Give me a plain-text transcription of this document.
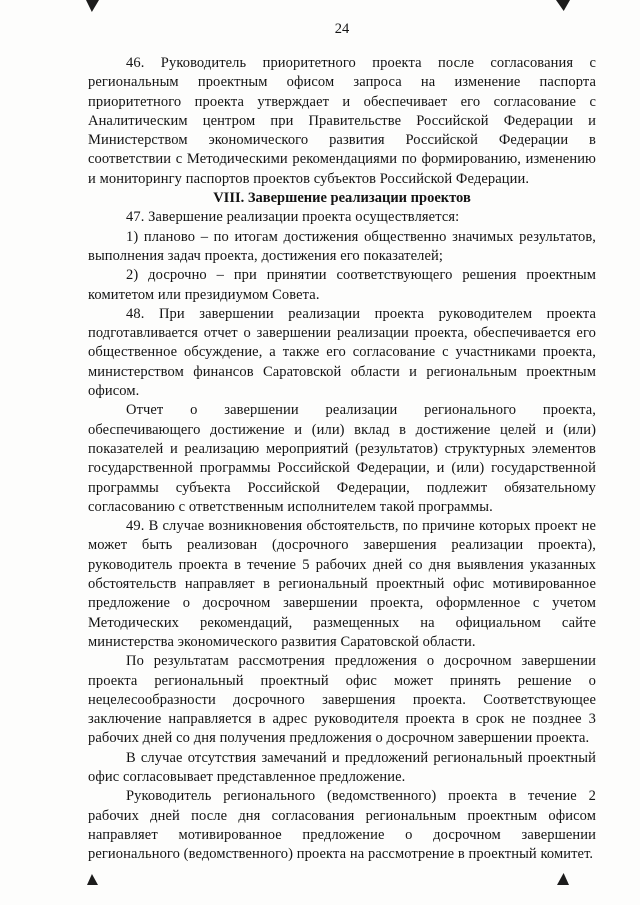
24

46. Руководитель приоритетного проекта после согласования с региональным проектным офисом запроса на изменение паспорта приоритетного проекта утверждает и обеспечивает его согласование с Аналитическим центром при Правительстве Российской Федерации и Министерством экономического развития Российской Федерации в соответствии с Методическими рекомендациями по формированию, изменению и мониторингу паспортов проектов субъектов Российской Федерации.

VIII. Завершение реализации проектов

47. Завершение реализации проекта осуществляется:

1) планово – по итогам достижения общественно значимых результатов, выполнения задач проекта, достижения его показателей;

2) досрочно – при принятии соответствующего решения проектным комитетом или президиумом Совета.

48. При завершении реализации проекта руководителем проекта подготавливается отчет о завершении реализации проекта, обеспечивается его общественное обсуждение, а также его согласование с участниками проекта, министерством финансов Саратовской области и региональным проектным офисом.

Отчет о завершении реализации регионального проекта, обеспечивающего достижение и (или) вклад в достижение целей и (или) показателей и реализацию мероприятий (результатов) структурных элементов государственной программы Российской Федерации, и (или) государственной программы субъекта Российской Федерации, подлежит обязательному согласованию с ответственным исполнителем такой программы.

49. В случае возникновения обстоятельств, по причине которых проект не может быть реализован (досрочного завершения реализации проекта), руководитель проекта в течение 5 рабочих дней со дня выявления указанных обстоятельств направляет в региональный проектный офис мотивированное предложение о досрочном завершении проекта, оформленное с учетом Методических рекомендаций, размещенных на официальном сайте министерства экономического развития Саратовской области.

По результатам рассмотрения предложения о досрочном завершении проекта региональный проектный офис может принять решение о нецелесообразности досрочного завершения проекта. Соответствующее заключение направляется в адрес руководителя проекта в срок не позднее 3 рабочих дней со дня получения предложения о досрочном завершении проекта.

В случае отсутствия замечаний и предложений региональный проектный офис согласовывает представленное предложение.

Руководитель регионального (ведомственного) проекта в течение 2 рабочих дней после дня согласования региональным проектным офисом направляет мотивированное предложение о досрочном завершении регионального (ведомственного) проекта на рассмотрение в проектный комитет.
